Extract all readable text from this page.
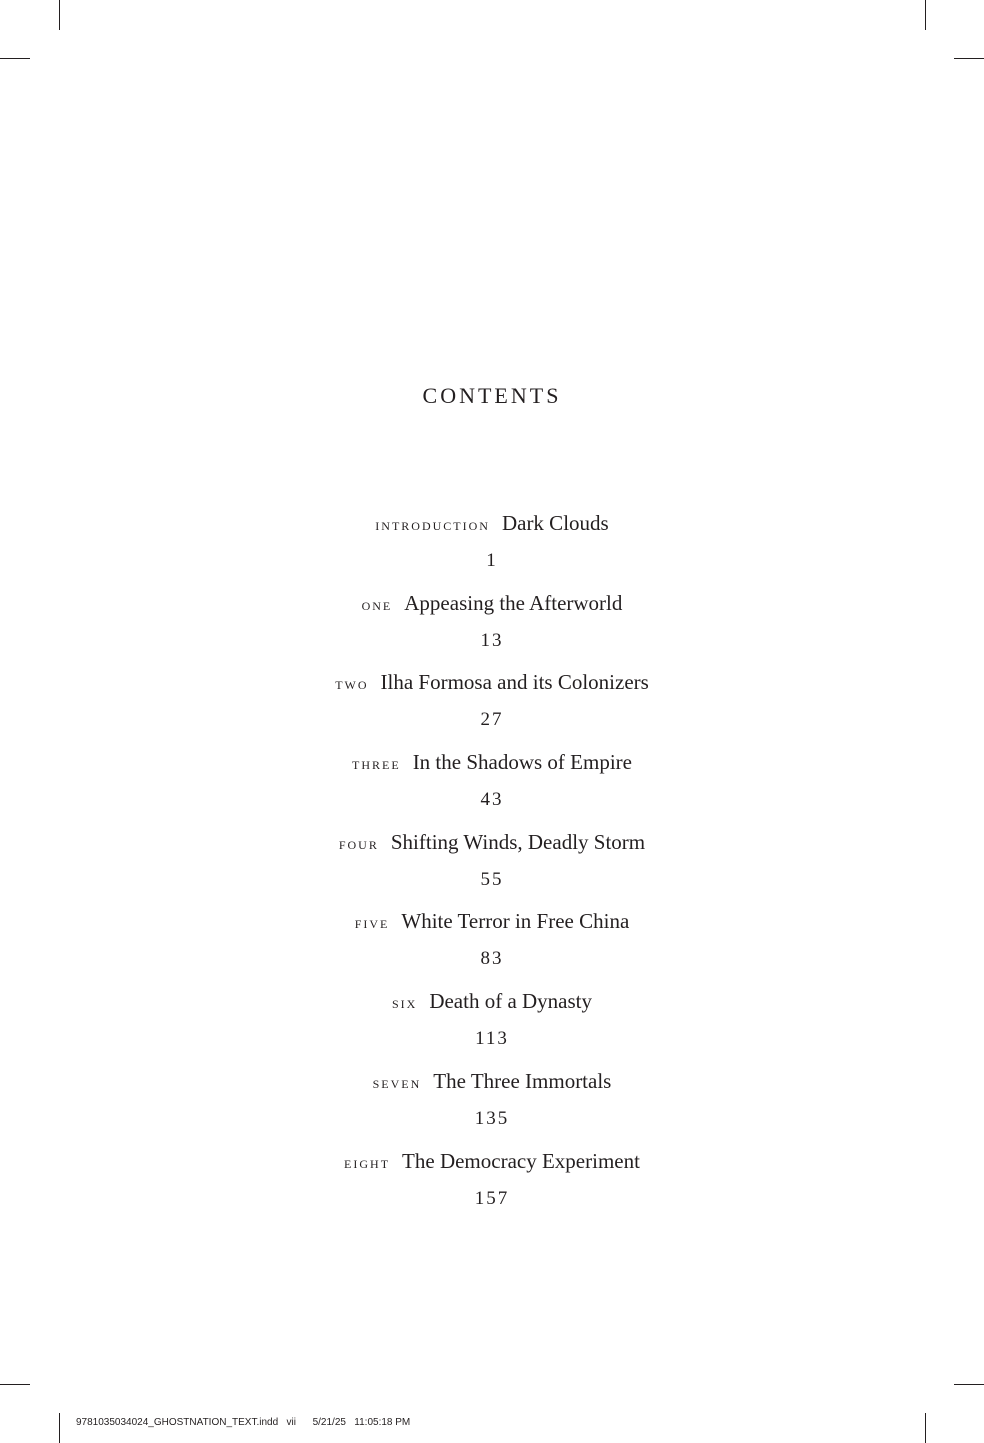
CONTENTS
introduction Dark Clouds
1
one Appeasing the Afterworld
13
two Ilha Formosa and its Colonizers
27
three In the Shadows of Empire
43
four Shifting Winds, Deadly Storm
55
five White Terror in Free China
83
six Death of a Dynasty
113
seven The Three Immortals
135
eight The Democracy Experiment
157
9781035034024_GHOSTNATION_TEXT.indd   vii      5/21/25   11:05:18 PM
